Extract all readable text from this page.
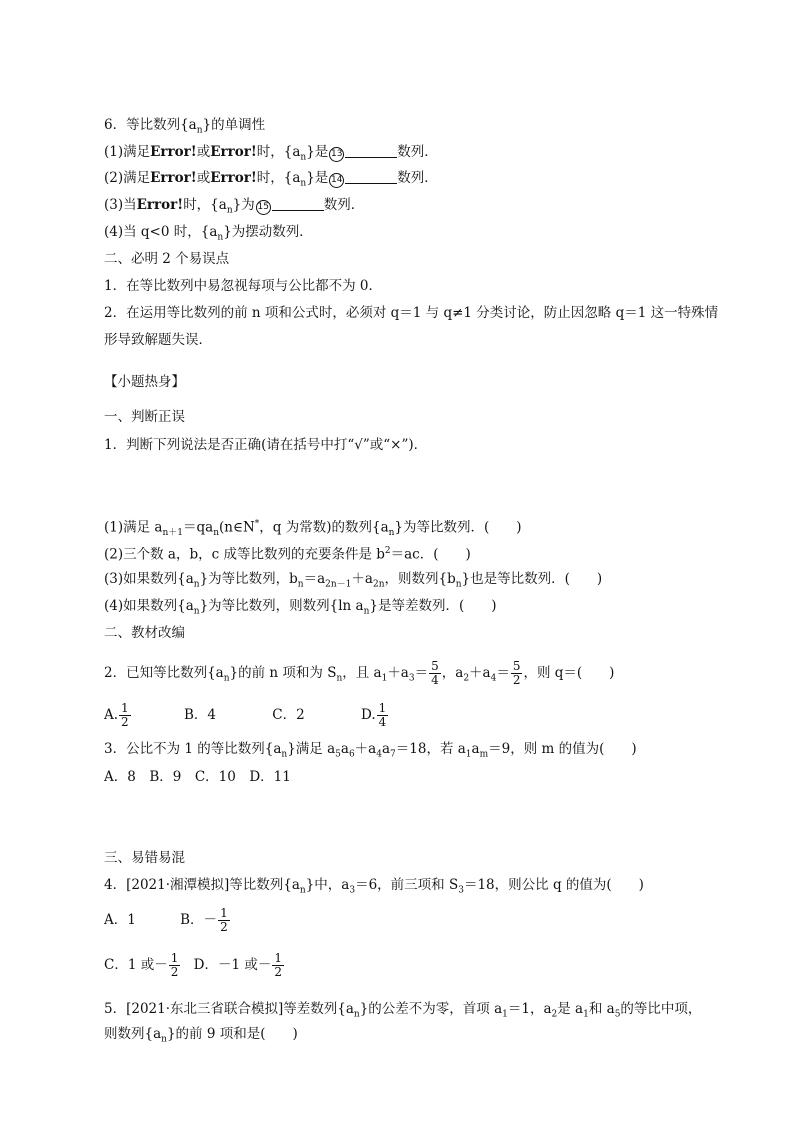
6．等比数列$\{a_n\}$的单调性
(1)满足Error!或Error!时，$\{a_n\}$是 13	数列．
(2)满足Error!或Error!时，$\{a_n\}$是 14	数列．
(3)当Error!时，$\{a_n\}$为 15	数列．
(4)当 q<0 时，$\{a_n\}$为摆动数列．
二、必明 2 个易误点
1．在等比数列中易忽视每项与公比都不为 0．
2．在运用等比数列的前 n 项和公式时，必须对 q＝1 与 q≠1 分类讨论，防止因忽略 q＝1 这一特殊情
形导致解题失误．
【小题热身】
一、判断正误
1．判断下列说法是否正确(请在括号中打“√”或“×”)．
(1)满足 $a_{n+1}=qa_n(n\in N^*$，q 为常数)的数列$\{a_n\}$为等比数列．(　　)
(2)三个数 a，b，c 成等比数列的充要条件是 $b^2=ac$．(　　)
(3)如果数列$\{a_n\}$为等比数列，$b_n=a_{2n-1}+a_{2n}$，则数列$\{b_n\}$也是等比数列．(　　)
(4)如果数列$\{a_n\}$为等比数列，则数列{ln $a_n$}是等差数列．(　　)
二、教材改编
2．已知等比数列$\{a_n\}$的前 n 项和为 $S_n$，且 $a_1+a_3= \frac{5}{4}$ ，$a_2+a_4= \frac{5}{2}$ ，则 q＝(　　)
A. $\frac{1}{2}$	B．4	C．2	D. $\frac{1}{4}$
3．公比不为 1 的等比数列$\{a_n\}$满足 $a_5a_6+a_4a_7=18$，若 $a_1a_m=9$，则 m 的值为(　　)
A．8　B．9　C．10　D．11
三、易错易混
4．[2021·湘潭模拟]等比数列$\{a_n\}$中，$a_3=6$，前三项和 $S_3=18$，则公比 q 的值为(　　)
A．1	B．－ $\frac{1}{2}$
C．1 或－ $\frac{1}{2}$ D．－1 或－ $\frac{1}{2}$
5．[2021·东北三省联合模拟]等差数列$\{a_n\}$的公差不为零，首项 $a_1=1$，$a_2$是 $a_1$和 $a_5$的等比中项，
则数列$\{a_n\}$的前 9 项和是(　　)
